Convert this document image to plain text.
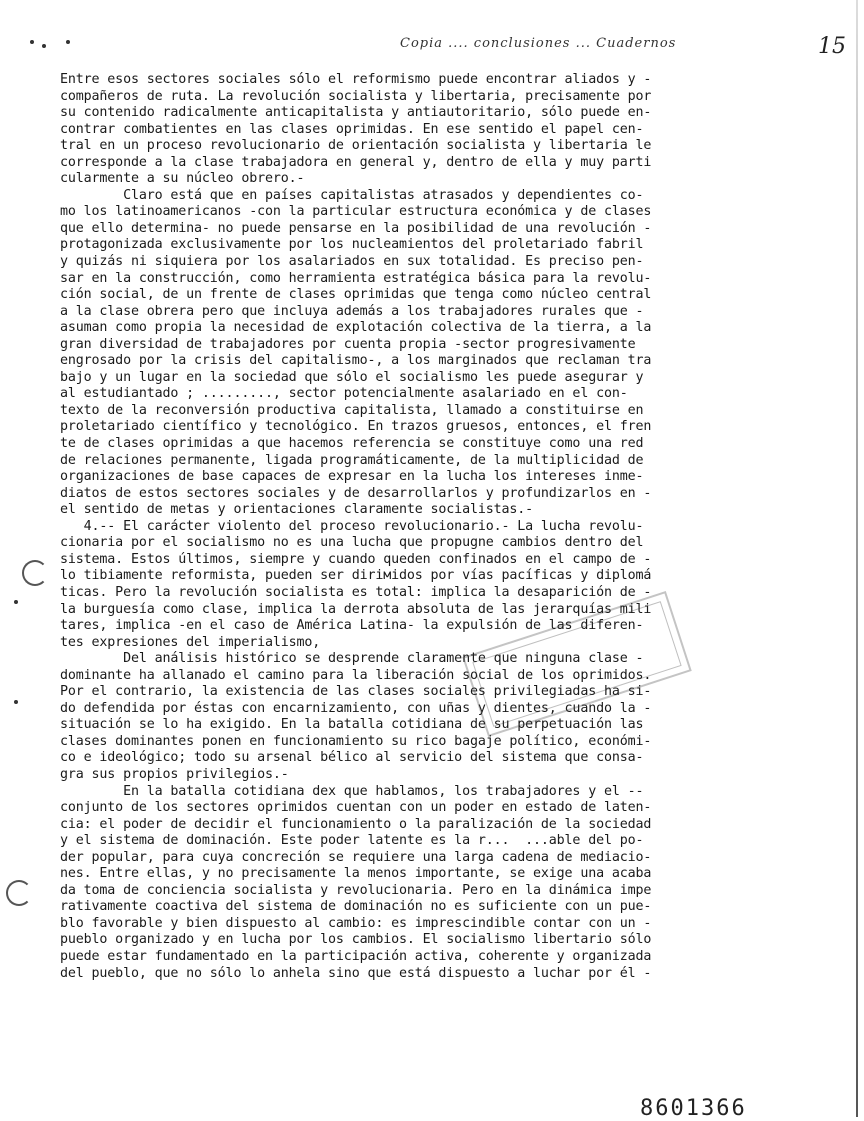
Copia .... conclusiones ... Cuadernos	15
Entre esos sectores sociales sólo el reformismo puede encontrar aliados y -
compañeros de ruta. La revolución socialista y libertaria, precisamente por
su contenido radicalmente anticapitalista y antiautoritario, sólo puede en-
contrar combatientes en las clases oprimidas. En ese sentido el papel cen-
tral en un proceso revolucionario de orientación socialista y libertaria le
corresponde a la clase trabajadora en general y, dentro de ella y muy parti
cularmente a su núcleo obrero.-
Claro está que en países capitalistas atrasados y dependientes co-
mo los latinoamericanos -con la particular estructura económica y de clases
que ello determina- no puede pensarse en la posibilidad de una revolución -
protagonizada exclusivamente por los nucleamientos del proletariado fabril
y quizás ni siquiera por los asalariados en sux totalidad. Es preciso pen-
sar en la construcción, como herramienta estratégica básica para la revolu-
ción social, de un frente de clases oprimidas que tenga como núcleo central
a la clase obrera pero que incluya además a los trabajadores rurales que -
asuman como propia la necesidad de explotación colectiva de la tierra, a la
gran diversidad de trabajadores por cuenta propia -sector progresivamente
engrosado por la crisis del capitalismo-, a los marginados que reclaman tra
bajo y un lugar en la sociedad que sólo el socialismo les puede asegurar y
al estudiantado ; ........., sector potencialmente asalariado en el con-
texto de la reconversión productiva capitalista, llamado a constituirse en
proletariado científico y tecnológico. En trazos gruesos, entonces, el fren
te de clases oprimidas a que hacemos referencia se constituye como una red
de relaciones permanente, ligada programáticamente, de la multiplicidad de
organizaciones de base capaces de expresar en la lucha los intereses inme-
diatos de estos sectores sociales y de desarrollarlos y profundizarlos en -
el sentido de metas y orientaciones claramente socialistas.-
4.-- El carácter violento del proceso revolucionario.- La lucha revolu-
cionaria por el socialismo no es una lucha que propugne cambios dentro del
sistema. Estos últimos, siempre y cuando queden confinados en el campo de -
lo tibiamente reformista, pueden ser diriмidos por vías pacíficas y diplomá
ticas. Pero la revolución socialista es total: implica la desaparición de -
la burguesía como clase, implica la derrota absoluta de las jerarquías mili
tares, implica -en el caso de América Latina- la expulsión de las diferen-
tes expresiones del imperialismo,
Del análisis histórico se desprende claramente que ninguna clase -
dominante ha allanado el camino para la liberación social de los oprimidos.
Por el contrario, la existencia de las clases sociales privilegiadas ha si-
do defendida por éstas con encarnizamiento, con uñas y dientes, cuando la -
situación se lo ha exigido. En la batalla cotidiana de su perpetuación las
clases dominantes ponen en funcionamiento su rico bagaje político, económi-
co e ideológico; todo su arsenal bélico al servicio del sistema que consa-
gra sus propios privilegios.-
En la batalla cotidiana dex que hablamos, los trabajadores y el --
conjunto de los sectores oprimidos cuentan con un poder en estado de laten-
cia: el poder de decidir el funcionamiento o la paralización de la sociedad
y el sistema de dominación. Este poder latente es la r...  ...able del po-
der popular, para cuya concreción se requiere una larga cadena de mediacio-
nes. Entre ellas, y no precisamente la menos importante, se exige una acaba
da toma de conciencia socialista y revolucionaria. Pero en la dinámica impe
rativamente coactiva del sistema de dominación no es suficiente con un pue-
blo favorable y bien dispuesto al cambio: es imprescindible contar con un -
pueblo organizado y en lucha por los cambios. El socialismo libertario sólo
puede estar fundamentado en la participación activa, coherente y organizada
del pueblo, que no sólo lo anhela sino que está dispuesto a luchar por él -
8601366
